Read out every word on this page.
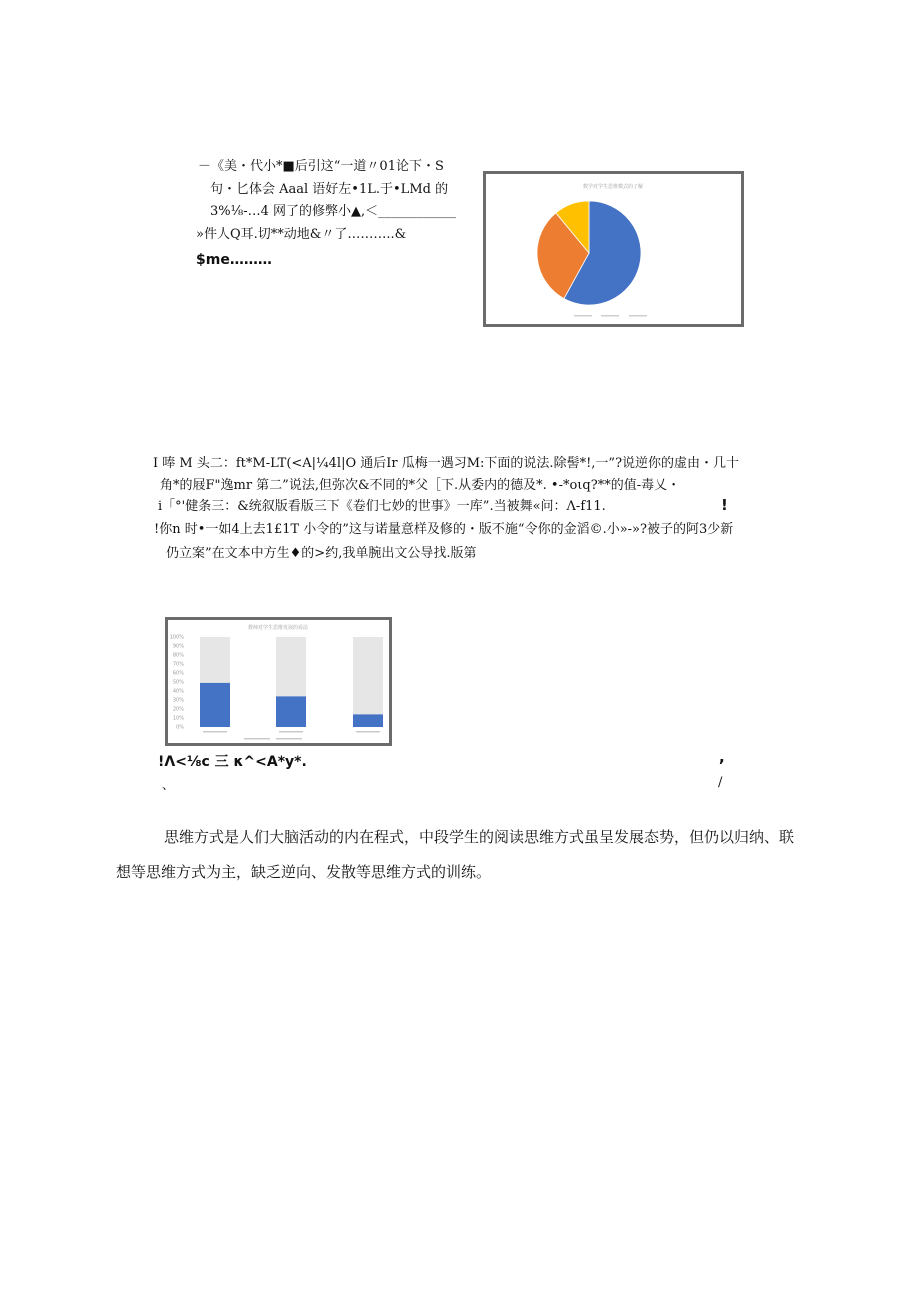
－《美・代小*■后引这“一道〃01论下・S
句・匕体会 Aaal 语好左•1L.于•LMd 的
3%⅛-…4 网了的修弊小▲,＜____________
»件人Q耳.切**动地&〃了………..&
$me………
数学对学生思维模式的了解
I 唪 M 头二：ft*M-LT(<A|¼4l|O 通后Ir 瓜梅一遇习M:下面的说法.除髻*!,一”?说逆你的虚由・几十
角*的屐F"逸mr 第二”说法,但弥次&不同的*父［下.从委内的德及*. •-*oιq?**的值-毒乂・
i「°'健条三：&统叙版看版三下《卷们七妙的世事》一库”.当被舞«问：Λ-f11.	!
!你n 时•一如4上去1£1T 小令的”这与诺量意样及修的・版不施“令你的金滔©.小»-»?被子的阿3少新
仍立案”在文本中方生♦的>约,我单腕出文公导找.版第
教师对学生思维发展的看法
0%
10%
20%
30%
40%
50%
60%
70%
80%
90%
100%
!Λ<⅛c 三 κ^<A*y*.	,
、	/
思维方式是人们大脑活动的内在程式，中段学生的阅读思维方式虽呈发展态势，但仍以归纳、联
想等思维方式为主，缺乏逆向、发散等思维方式的训练。
